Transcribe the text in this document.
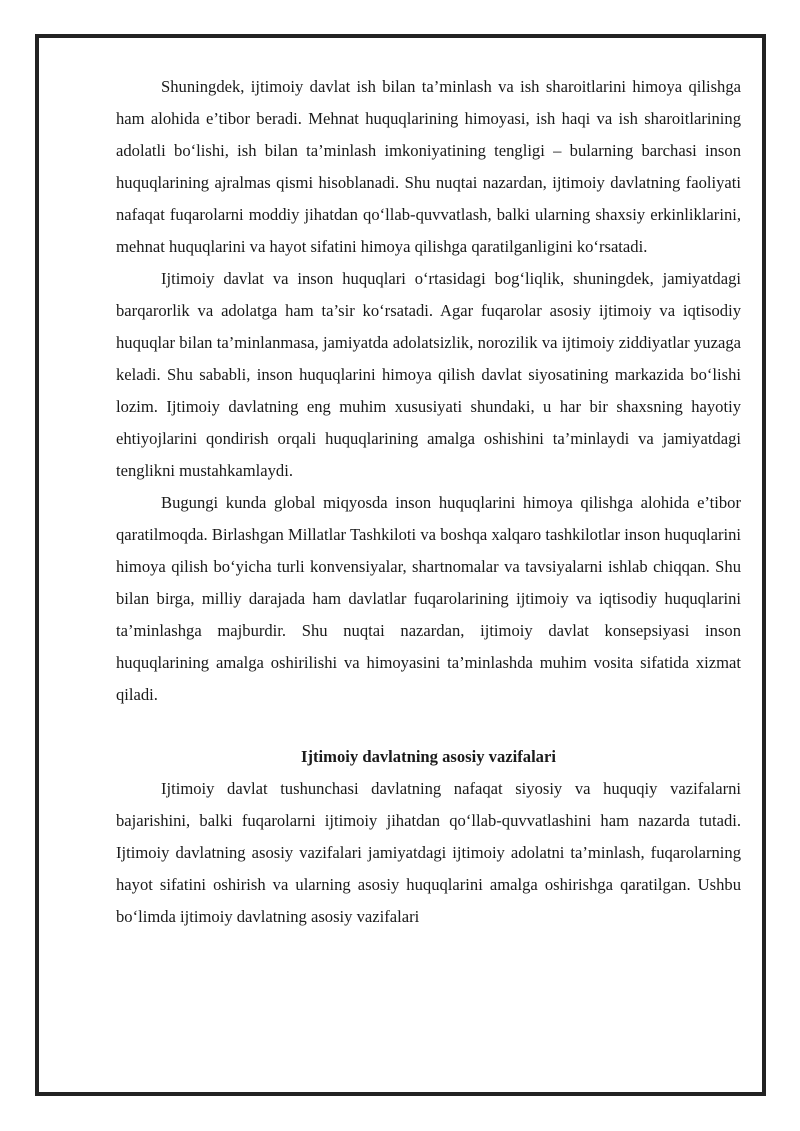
Shuningdek, ijtimoiy davlat ish bilan ta’minlash va ish sharoitlarini himoya qilishga ham alohida e’tibor beradi. Mehnat huquqlarining himoyasi, ish haqi va ish sharoitlarining adolatli bo‘lishi, ish bilan ta’minlash imkoniyatining tengligi – bularning barchasi inson huquqlarining ajralmas qismi hisoblanadi. Shu nuqtai nazardan, ijtimoiy davlatning faoliyati nafaqat fuqarolarni moddiy jihatdan qo‘llab-quvvatlash, balki ularning shaxsiy erkinliklarini, mehnat huquqlarini va hayot sifatini himoya qilishga qaratilganligini ko‘rsatadi.

Ijtimoiy davlat va inson huquqlari o‘rtasidagi bog‘liqlik, shuningdek, jamiyatdagi barqarorlik va adolatga ham ta’sir ko‘rsatadi. Agar fuqarolar asosiy ijtimoiy va iqtisodiy huquqlar bilan ta’minlanmasa, jamiyatda adolatsizlik, norozilik va ijtimoiy ziddiyatlar yuzaga keladi. Shu sababli, inson huquqlarini himoya qilish davlat siyosatining markazida bo‘lishi lozim. Ijtimoiy davlatning eng muhim xususiyati shundaki, u har bir shaxsning hayotiy ehtiyojlarini qondirish orqali huquqlarining amalga oshishini ta’minlaydi va jamiyatdagi tenglikni mustahkamlaydi.

Bugungi kunda global miqyosda inson huquqlarini himoya qilishga alohida e’tibor qaratilmoqda. Birlashgan Millatlar Tashkiloti va boshqa xalqaro tashkilotlar inson huquqlarini himoya qilish bo‘yicha turli konvensiyalar, shartnomalar va tavsiyalarni ishlab chiqqan. Shu bilan birga, milliy darajada ham davlatlar fuqarolarining ijtimoiy va iqtisodiy huquqlarini ta’minlashga majburdir. Shu nuqtai nazardan, ijtimoiy davlat konsepsiyasi inson huquqlarining amalga oshirilishi va himoyasini ta’minlashda muhim vosita sifatida xizmat qiladi.

Ijtimoiy davlatning asosiy vazifalari

Ijtimoiy davlat tushunchasi davlatning nafaqat siyosiy va huquqiy vazifalarni bajarishini, balki fuqarolarni ijtimoiy jihatdan qo‘llab-quvvatlashini ham nazarda tutadi. Ijtimoiy davlatning asosiy vazifalari jamiyatdagi ijtimoiy adolatni ta’minlash, fuqarolarning hayot sifatini oshirish va ularning asosiy huquqlarini amalga oshirishga qaratilgan. Ushbu bo‘limda ijtimoiy davlatning asosiy vazifalari
